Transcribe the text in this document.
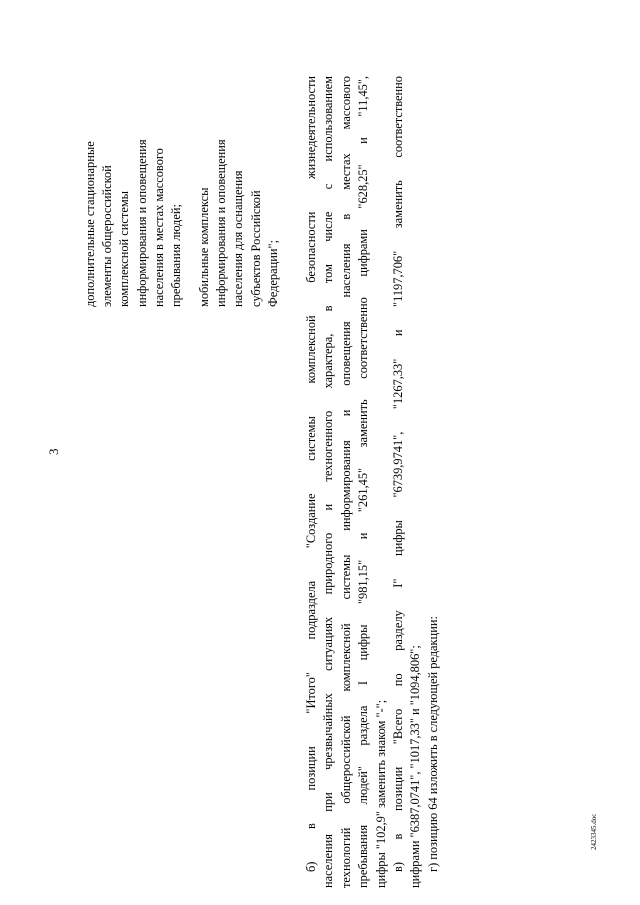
3
дополнительные стационарные элементы общероссийской комплексной системы информирования и оповещения населения в местах массового пребывания людей; мобильные комплексы информирования и оповещения населения для оснащения субъектов Российской Федерации"; б) в позиции "Итого" подраздела "Создание системы комплексной безопасности жизнедеятельности населения при чрезвычайных ситуациях природного и техногенного характера, в том числе с использованием технологий общероссийской комплексной системы информирования и оповещения населения в местах массового пребывания людей" раздела I цифры "981,15" и "261,45" заменить соответственно цифрами "628,25" и "11,45", цифры "102,9" заменить знаком "-"; в) в позиции "Всего по разделу I" цифры "6739,9741", "1267,33" и "1197,706" заменить соответственно цифрами "6387,0741", "1017,33" и "1094,806"; г) позицию 64 изложить в следующей редакции:	2423345.doc
